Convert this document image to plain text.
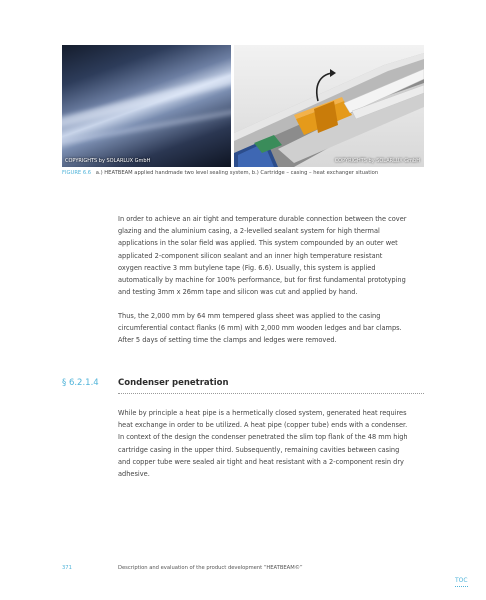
COPYRIGHTS by SOLARLUX GmbH	COPYRIGHTS by SOLARLUX GmbH
FIGURE 6.6 a.) HEATBEAM applied handmade two level sealing system, b.) Cartridge – casing – heat exchanger situation

In order to achieve an air tight and temperature durable connection between the cover glazing and the aluminium casing, a 2-levelled sealant system for high thermal applications in the solar field was applied. This system compounded by an outer wet applicated 2-component silicon sealant and an inner high temperature resistant oxygen reactive 3 mm butylene tape (Fig. 6.6). Usually, this system is applied automatically by machine for 100% performance, but for first fundamental prototyping and testing 3mm x 26mm tape and silicon was cut and applied by hand.

Thus, the 2,000 mm by 64 mm tempered glass sheet was applied to the casing circumferential contact flanks (6 mm) with 2,000 mm wooden ledges and bar clamps. After 5 days of setting time the clamps and ledges were removed.

§ 6.2.1.4 Condenser penetration

While by principle a heat pipe is a hermetically closed system, generated heat requires heat exchange in order to be utilized. A heat pipe (copper tube) ends with a condenser. In context of the design the condenser penetrated the slim top flank of the 48 mm high cartridge casing in the upper third. Subsequently, remaining cavities between casing and copper tube were sealed air tight and heat resistant with a 2-component resin dry adhesive.

371	Description and evaluation of the product development “HEATBEAM©”
TOC
